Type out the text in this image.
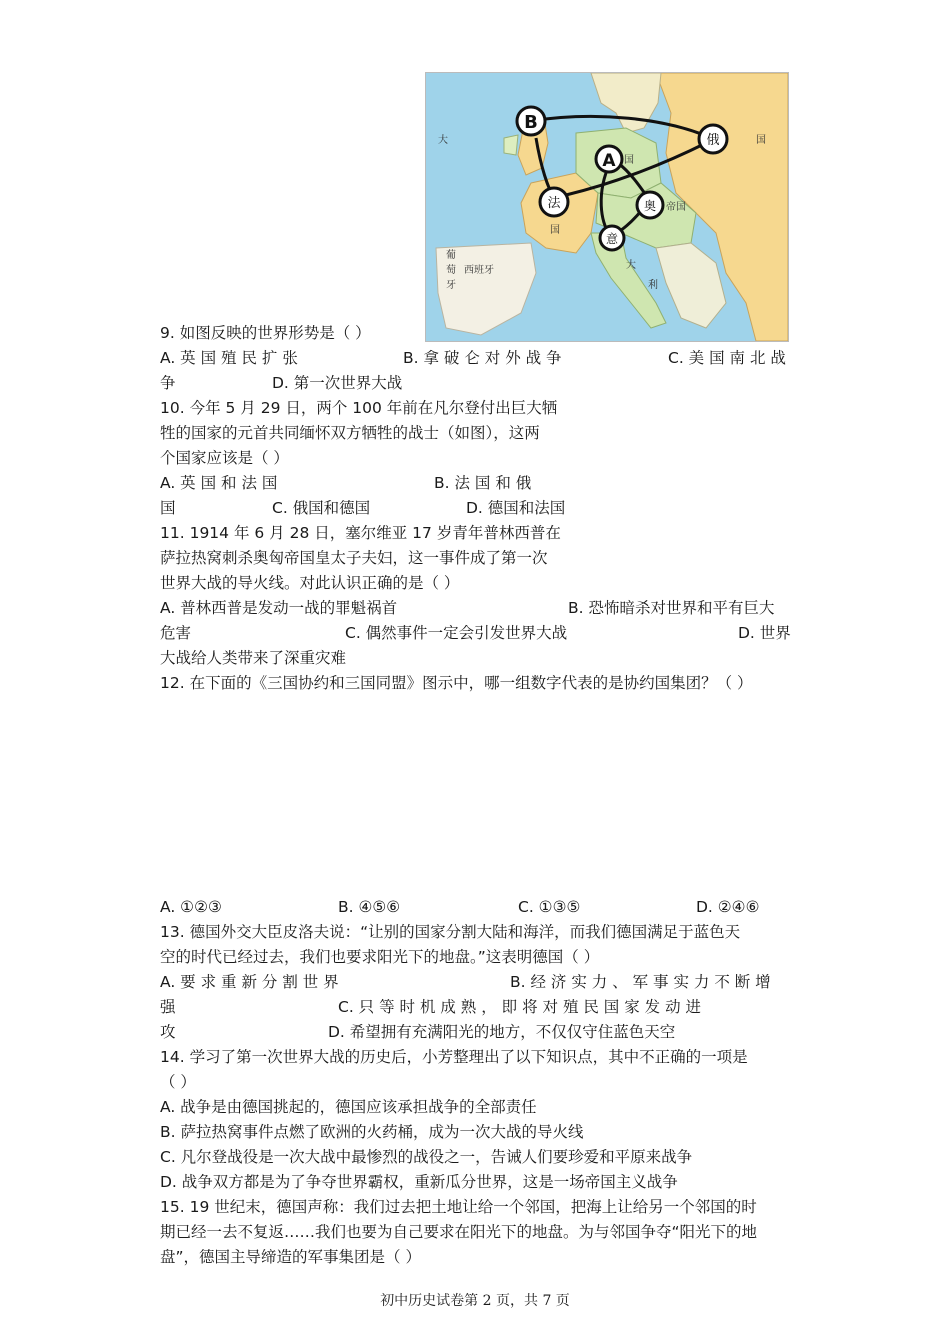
B
A
俄
法	奥
意
国
国
国
帝国
大
利
葡
萄
牙
西班牙
大
9. 如图反映的世界形势是（ ）
A. 英 国 殖 民 扩 张	B. 拿 破 仑 对 外 战 争	C. 美 国 南 北 战
争	D. 第一次世界大战
10. 今年 5 月 29 日，两个 100 年前在凡尔登付出巨大牺
牲的国家的元首共同缅怀双方牺牲的战士（如图），这两
个国家应该是（ ）
A. 英 国 和 法 国	B. 法 国 和 俄
国	C. 俄国和德国	D. 德国和法国
11. 1914 年 6 月 28 日，塞尔维亚 17 岁青年普林西普在
萨拉热窝刺杀奥匈帝国皇太子夫妇，这一事件成了第一次
世界大战的导火线。对此认识正确的是（ ）
A. 普林西普是发动一战的罪魁祸首	B. 恐怖暗杀对世界和平有巨大
危害	C. 偶然事件一定会引发世界大战	D. 世界
大战给人类带来了深重灾难
12. 在下面的《三国协约和三国同盟》图示中，哪一组数字代表的是协约国集团？（ ）
A. ①②③	B. ④⑤⑥	C. ①③⑤	D. ②④⑥
13. 德国外交大臣皮洛夫说：“让别的国家分割大陆和海洋，而我们德国满足于蓝色天
空的时代已经过去，我们也要求阳光下的地盘。”这表明德国（ ）
A. 要 求 重 新 分 割 世 界	B. 经 济 实 力 、 军 事 实 力 不 断 增
强	C. 只 等 时 机 成 熟 ， 即 将 对 殖 民 国 家 发 动 进
攻	D. 希望拥有充满阳光的地方，不仅仅守住蓝色天空
14. 学习了第一次世界大战的历史后，小芳整理出了以下知识点，其中不正确的一项是
（ ）
A. 战争是由德国挑起的，德国应该承担战争的全部责任
B. 萨拉热窝事件点燃了欧洲的火药桶，成为一次大战的导火线
C. 凡尔登战役是一次大战中最惨烈的战役之一，告诫人们要珍爱和平原来战争
D. 战争双方都是为了争夺世界霸权，重新瓜分世界，这是一场帝国主义战争
15. 19 世纪末，德国声称：我们过去把土地让给一个邻国，把海上让给另一个邻国的时
期已经一去不复返……我们也要为自己要求在阳光下的地盘。为与邻国争夺“阳光下的地
盘”，德国主导缔造的军事集团是（ ）
初中历史试卷第 2 页，共 7 页
